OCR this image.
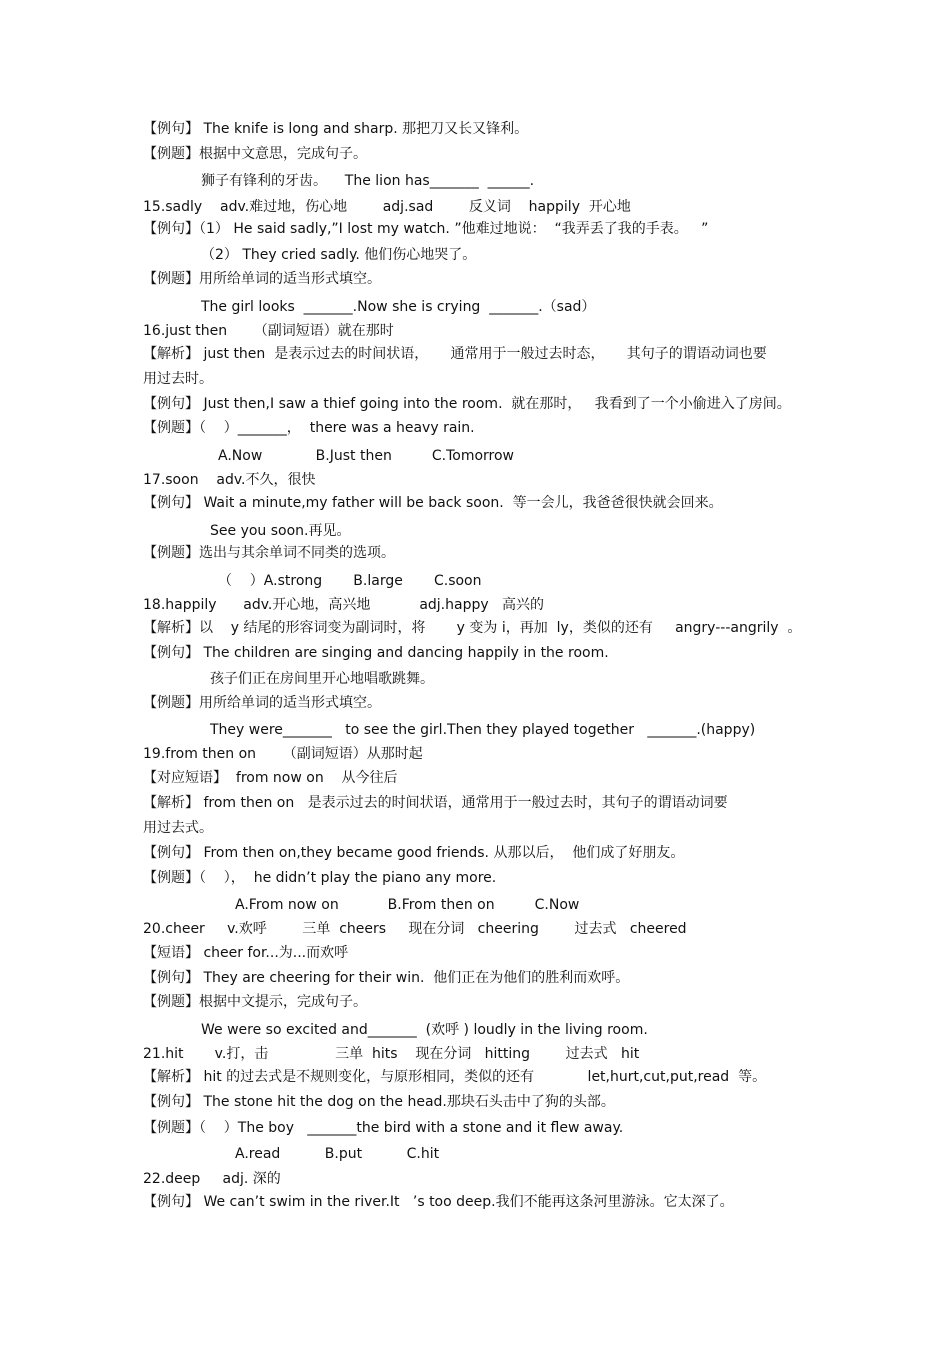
【例句】 The knife is long and sharp. 那把刀又长又锋利。
【例题】根据中文意思，完成句子。
狮子有锋利的牙齿。    The lion has_______  ______.
15.sadly    adv.难过地，伤心地        adj.sad        反义词    happily  开心地
【例句】（1） He said sadly,”I lost my watch. ”他难过地说：  “我弄丢了我的手表。   ”
（2） They cried sadly. 他们伤心地哭了。
【例题】用所给单词的适当形式填空。
The girl looks  _______.Now she is crying  _______.（sad）
16.just then      （副词短语）就在那时
【解析】 just then  是表示过去的时间状语，     通常用于一般过去时态，     其句子的谓语动词也要
用过去时。
【例句】 Just then,I saw a thief going into the room.  就在那时，   我看到了一个小偷进入了房间。
【例题】（    ）_______，  there was a heavy rain.
A.Now            B.Just then         C.Tomorrow
17.soon    adv.不久，很快
【例句】 Wait a minute,my father will be back soon.  等一会儿，我爸爸很快就会回来。
See you soon.再见。
【例题】选出与其余单词不同类的选项。
（    ）A.strong       B.large       C.soon
18.happily      adv.开心地，高兴地           adj.happy   高兴的
【解析】以    y 结尾的形容词变为副词时，将       y 变为 i，再加  ly，类似的还有     angry---angrily  。
【例句】 The children are singing and dancing happily in the room.
孩子们正在房间里开心地唱歌跳舞。
【例题】用所给单词的适当形式填空。
They were_______   to see the girl.Then they played together   _______.(happy)
19.from then on      （副词短语）从那时起
【对应短语】  from now on    从今往后
【解析】 from then on   是表示过去的时间状语，通常用于一般过去时，其句子的谓语动词要
用过去式。
【例句】 From then on,they became good friends. 从那以后，  他们成了好朋友。
【例题】（    ），  he didn’t play the piano any more.
A.From now on           B.From then on         C.Now
20.cheer     v.欢呼        三单  cheers     现在分词   cheering        过去式   cheered
【短语】 cheer for...为...而欢呼
【例句】 They are cheering for their win.  他们正在为他们的胜利而欢呼。
【例题】根据中文提示，完成句子。
We were so excited and_______  (欢呼 ) loudly in the living room.
21.hit       v.打，击               三单  hits    现在分词   hitting        过去式   hit
【解析】 hit 的过去式是不规则变化，与原形相同，类似的还有            let,hurt,cut,put,read  等。
【例句】 The stone hit the dog on the head.那块石头击中了狗的头部。
【例题】（    ）The boy   _______the bird with a stone and it flew away.
A.read          B.put          C.hit
22.deep     adj. 深的
【例句】 We can’t swim in the river.It   ’s too deep.我们不能再这条河里游泳。它太深了。
